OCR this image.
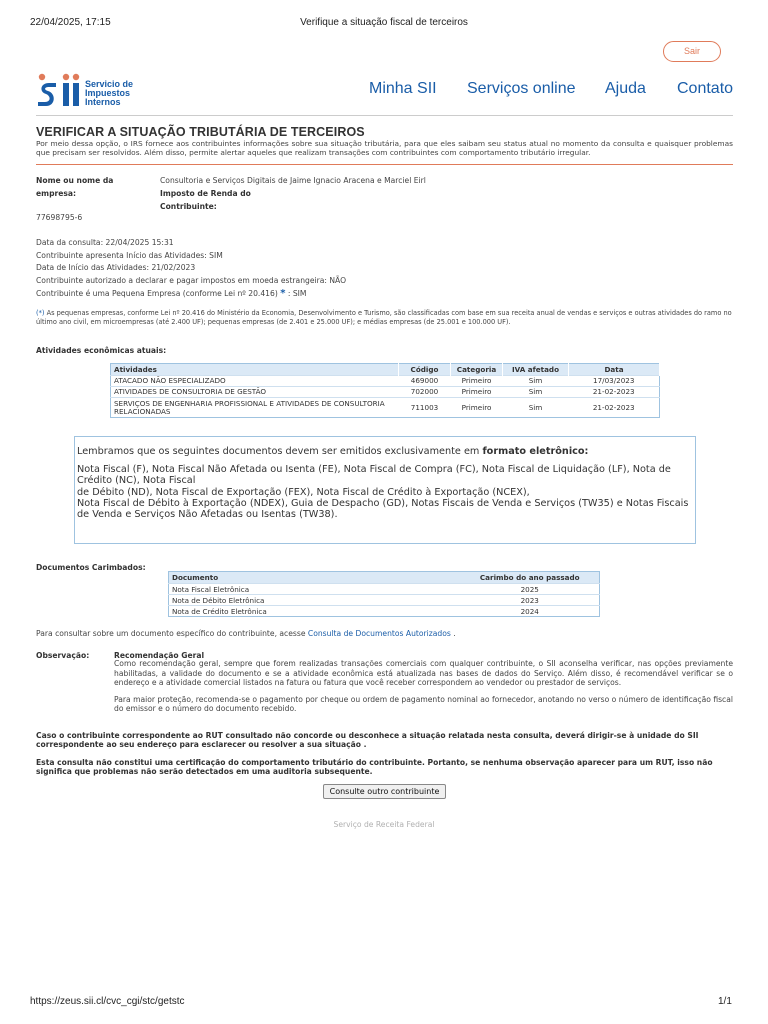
22/04/2025, 17:15	Verifique a situação fiscal de terceiros
Sair
Servicio de
Impuestos
Internos
Minha SII Serviços online Ajuda Contato
VERIFICAR A SITUAÇÃO TRIBUTÁRIA DE TERCEIROS
Por meio dessa opção, o IRS fornece aos contribuintes informações sobre sua situação tributária, para que eles saibam seu status atual no momento da consulta e quaisquer problemas que precisam ser resolvidos. Além disso, permite alertar aqueles que realizam transações com contribuintes com comportamento tributário irregular.
Nome ou nome da
empresa:
Consultoria e Serviços Digitais de Jaime Ignacio Aracena e Marciel Eirl
Imposto de Renda do
Contribuinte:
77698795-6
Data da consulta: 22/04/2025 15:31
Contribuinte apresenta Início das Atividades: SIM
Data de Início das Atividades: 21/02/2023
Contribuinte autorizado a declarar e pagar impostos em moeda estrangeira: NÃO
Contribuinte é uma Pequena Empresa (conforme Lei nº 20.416) * : SIM
(*) As pequenas empresas, conforme Lei nº 20.416 do Ministério da Economia, Desenvolvimento e Turismo, são classificadas com base em sua receita anual de vendas e serviços e outras atividades do ramo no último ano civil, em microempresas (até 2.400 UF); pequenas empresas (de 2.401 e 25.000 UF); e médias empresas (de 25.001 e 100.000 UF).
Atividades econômicas atuais:
Atividades	Código	Categoria	IVA afetado	Data
ATACADO NÃO ESPECIALIZADO	469000	Primeiro	Sim	17/03/2023
ATIVIDADES DE CONSULTORIA DE GESTÃO	702000	Primeiro	Sim	21-02-2023
SERVIÇOS DE ENGENHARIA PROFISSIONAL E ATIVIDADES DE CONSULTORIA RELACIONADAS	711003	Primeiro	Sim	21-02-2023
Lembramos que os seguintes documentos devem ser emitidos exclusivamente em formato eletrônico:
Nota Fiscal (F), Nota Fiscal Não Afetada ou Isenta (FE), Nota Fiscal de Compra (FC), Nota Fiscal de Liquidação (LF), Nota de Crédito (NC), Nota Fiscal
de Débito (ND), Nota Fiscal de Exportação (FEX), Nota Fiscal de Crédito à Exportação (NCEX),
Nota Fiscal de Débito à Exportação (NDEX), Guia de Despacho (GD), Notas Fiscais de Venda e Serviços (TW35) e Notas Fiscais de Venda e Serviços Não Afetadas ou Isentas (TW38).
Documentos Carimbados:
Documento	Carimbo do ano passado
Nota Fiscal Eletrônica	2025
Nota de Débito Eletrônica	2023
Nota de Crédito Eletrônica	2024
Para consultar sobre um documento específico do contribuinte, acesse Consulta de Documentos Autorizados .
Observação:	Recomendação Geral
Como recomendação geral, sempre que forem realizadas transações comerciais com qualquer contribuinte, o SII aconselha verificar, nas opções previamente habilitadas, a validade do documento e se a atividade econômica está atualizada nas bases de dados do Serviço. Além disso, é recomendável verificar se o endereço e a atividade comercial listados na fatura ou fatura que você receber correspondem ao vendedor ou prestador de serviços.
Para maior proteção, recomenda-se o pagamento por cheque ou ordem de pagamento nominal ao fornecedor, anotando no verso o número de identificação fiscal do emissor e o número do documento recebido.
Caso o contribuinte correspondente ao RUT consultado não concorde ou desconhece a situação relatada nesta consulta, deverá dirigir-se à unidade do SII correspondente ao seu endereço para esclarecer ou resolver a sua situação .
Esta consulta não constitui uma certificação do comportamento tributário do contribuinte. Portanto, se nenhuma observação aparecer para um RUT, isso não significa que problemas não serão detectados em uma auditoria subsequente.
Consulte outro contribuinte
Serviço de Receita Federal
https://zeus.sii.cl/cvc_cgi/stc/getstc	1/1
